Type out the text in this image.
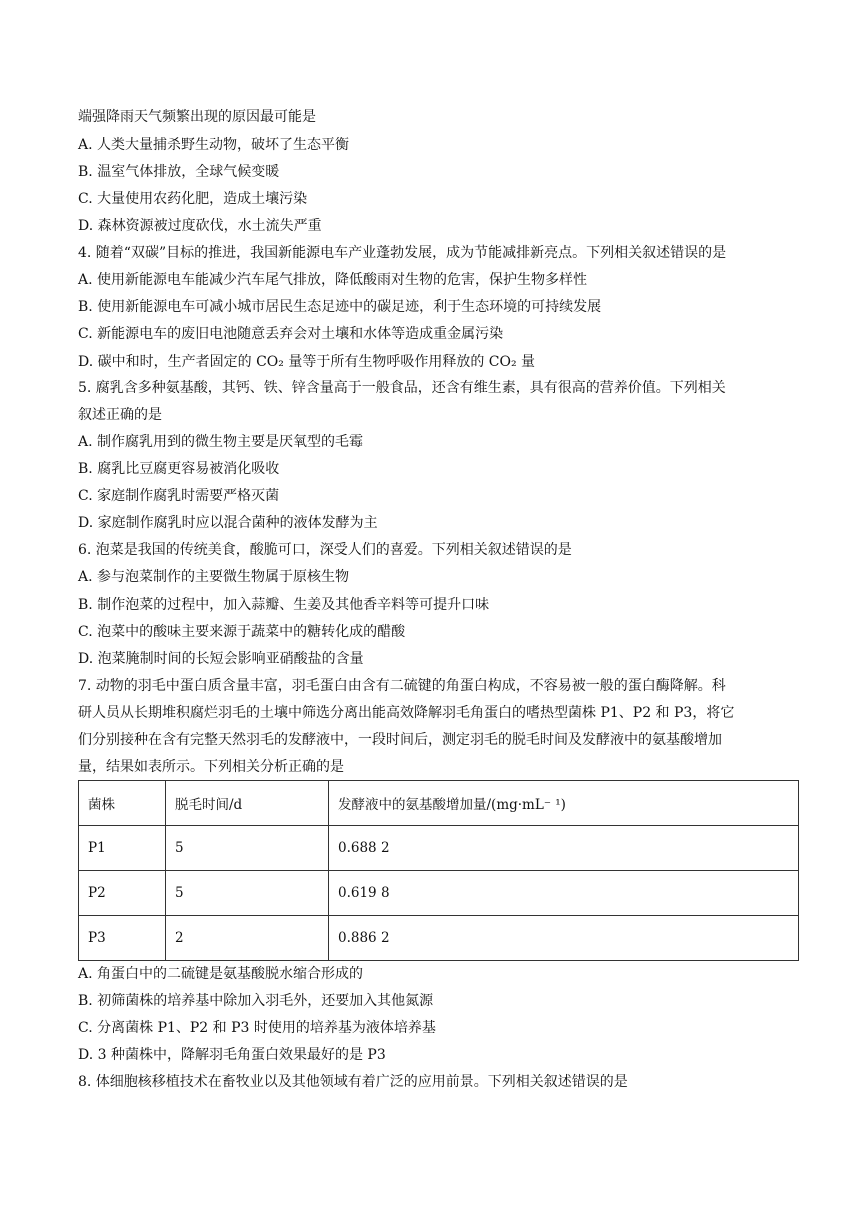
端强降雨天气频繁出现的原因最可能是
A. 人类大量捕杀野生动物，破坏了生态平衡
B. 温室气体排放，全球气候变暖
C. 大量使用农药化肥，造成土壤污染
D. 森林资源被过度砍伐，水土流失严重
4. 随着“双碳”目标的推进，我国新能源电车产业蓬勃发展，成为节能减排新亮点。下列相关叙述错误的是
A. 使用新能源电车能减少汽车尾气排放，降低酸雨对生物的危害，保护生物多样性
B. 使用新能源电车可减小城市居民生态足迹中的碳足迹，利于生态环境的可持续发展
C. 新能源电车的废旧电池随意丢弃会对土壤和水体等造成重金属污染
D. 碳中和时，生产者固定的 CO₂ 量等于所有生物呼吸作用释放的 CO₂ 量
5. 腐乳含多种氨基酸，其钙、铁、锌含量高于一般食品，还含有维生素，具有很高的营养价值。下列相关
叙述正确的是
A. 制作腐乳用到的微生物主要是厌氧型的毛霉
B. 腐乳比豆腐更容易被消化吸收
C. 家庭制作腐乳时需要严格灭菌
D. 家庭制作腐乳时应以混合菌种的液体发酵为主
6. 泡菜是我国的传统美食，酸脆可口，深受人们的喜爱。下列相关叙述错误的是
A. 参与泡菜制作的主要微生物属于原核生物
B. 制作泡菜的过程中，加入蒜瓣、生姜及其他香辛料等可提升口味
C. 泡菜中的酸味主要来源于蔬菜中的糖转化成的醋酸
D. 泡菜腌制时间的长短会影响亚硝酸盐的含量
7. 动物的羽毛中蛋白质含量丰富，羽毛蛋白由含有二硫键的角蛋白构成，不容易被一般的蛋白酶降解。科
研人员从长期堆积腐烂羽毛的土壤中筛选分离出能高效降解羽毛角蛋白的嗜热型菌株 P1、P2 和 P3，将它
们分别接种在含有完整天然羽毛的发酵液中，一段时间后，测定羽毛的脱毛时间及发酵液中的氨基酸增加
量，结果如表所示。下列相关分析正确的是
菌株	脱毛时间/d	发酵液中的氨基酸增加量/(mg·mL⁻ ¹)
P1	5	0.688 2
P2	5	0.619 8
P3	2	0.886 2
A. 角蛋白中的二硫键是氨基酸脱水缩合形成的
B. 初筛菌株的培养基中除加入羽毛外，还要加入其他氮源
C. 分离菌株 P1、P2 和 P3 时使用的培养基为液体培养基
D. 3 种菌株中，降解羽毛角蛋白效果最好的是 P3
8. 体细胞核移植技术在畜牧业以及其他领域有着广泛的应用前景。下列相关叙述错误的是
